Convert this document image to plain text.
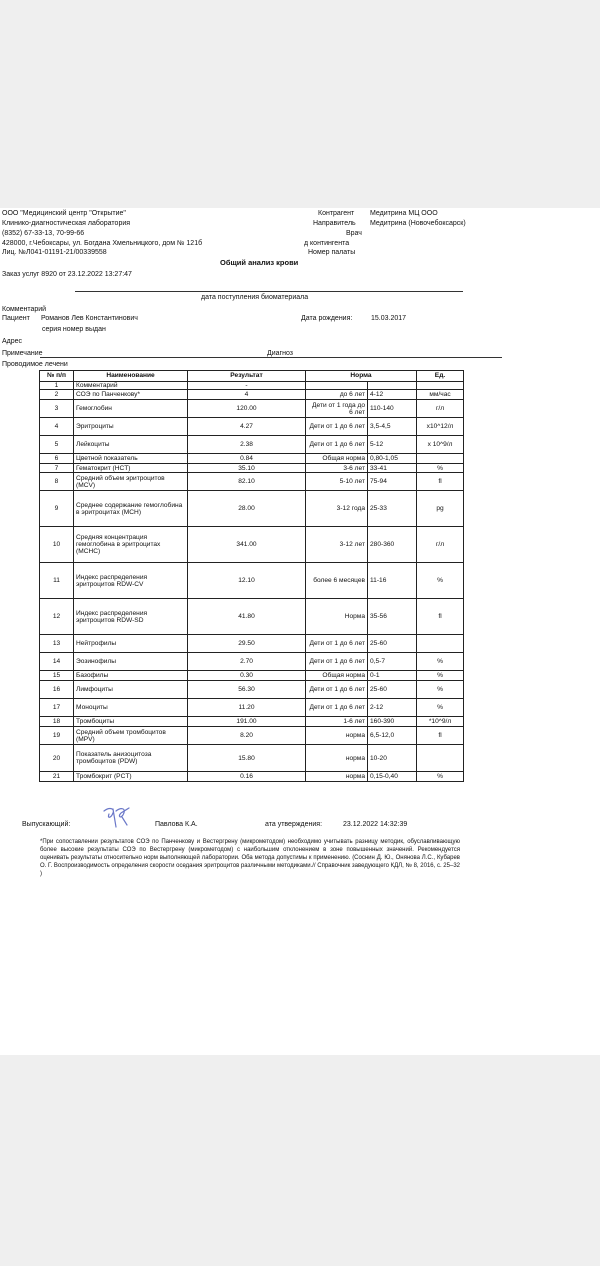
ООО "Медицинский центр "Открытие"
Клинико-диагностическая лаборатория
(8352) 67-33-13, 70-99-66
428000, г.Чебоксары, ул. Богдана Хмельницкого, дом № 121б
Лиц. №Л041-01191-21/00339558
Контрагент Медитрина МЦ ООО
Направитель Медитрина (Новочебоксарск)
Врач
д контингента
Номер палаты
Общий анализ крови
Заказ услуг 8920 от 23.12.2022 13:27:47
дата поступления биоматериала
Комментарий
Пациент Романов Лев Константинович	Дата рождения:	15.03.2017
серия номер выдан
Адрес
Примечание	Диагноз
Проводимое лечени
№ п/п	Наименование	Результат	Норма		Ед.
1	Комментарий	-			
2	СОЭ по Панченкову*	4	до 6 лет	4-12	мм/час
3	Гемоглобин	120.00	Дети от 1 года до 6 лет	110-140	г/л
4	Эритроциты	4.27	Дети от 1 до 6 лет	3,5-4,5	x10^12/л
5	Лейкоциты	2.38	Дети от 1 до 6 лет	5-12	x 10^9/л
6	Цветной показатель	0.84	Общая норма	0,80-1,05	
7	Гематокрит (HCT)	35.10	3-6 лет	33-41	%
8	Средний объем эритроцитов (MCV)	82.10	5-10 лет	75-94	fl
9	Среднее содержание гемоглобина в эритроцитах (MCH)	28.00	3-12 года	25-33	pg
10	Средняя концентрация гемоглобина в эритроцитах (MCHC)	341.00	3-12 лет	280-360	г/л
11	Индекс распределения эритроцитов RDW-CV	12.10	более 6 месяцев	11-16	%
12	Индекс распределения эритроцитов RDW-SD	41.80	Норма	35-56	fl
13	Нейтрофилы	29.50	Дети от 1 до 6 лет	25-60	
14	Эозинофилы	2.70	Дети от 1 до 6 лет	0,5-7	%
15	Базофилы	0.30	Общая норма	0-1	%
16	Лимфоциты	56.30	Дети от 1 до 6 лет	25-60	%
17	Моноциты	11.20	Дети от 1 до 6 лет	2-12	%
18	Тромбоциты	191.00	1-6 лет	160-390	*10^9/л
19	Средний объем тромбоцитов (MPV)	8.20	норма	6,5-12,0	fl
20	Показатель анизоцитоза тромбоцитов (PDW)	15.80	норма	10-20	
21	Тромбокрит (PCT)	0.16	норма	0,15-0,40	%
Выпускающий:	Павлова К.А.	ата утверждения:	23.12.2022 14:32:39
*При сопоставлении результатов СОЭ по Панченкову и Вестергрену (микрометодом) необходимо учитывать разницу методик, обуславливающую более высокие результаты СОЭ по Вестергрену (микрометодом) с наибольшим отклонением в зоне повышенных значений. Рекомендуется оценивать результаты относительно норм выполняющей лаборатории. Оба метода допустимы к применению. (Соснин Д. Ю., Онянова Л.С., Кубарев О. Г. Воспроизводимость определения скорости оседания эритроцитов различными методиками.// Справочник заведующего КДЛ, № 8, 2016, с. 25–32 )
